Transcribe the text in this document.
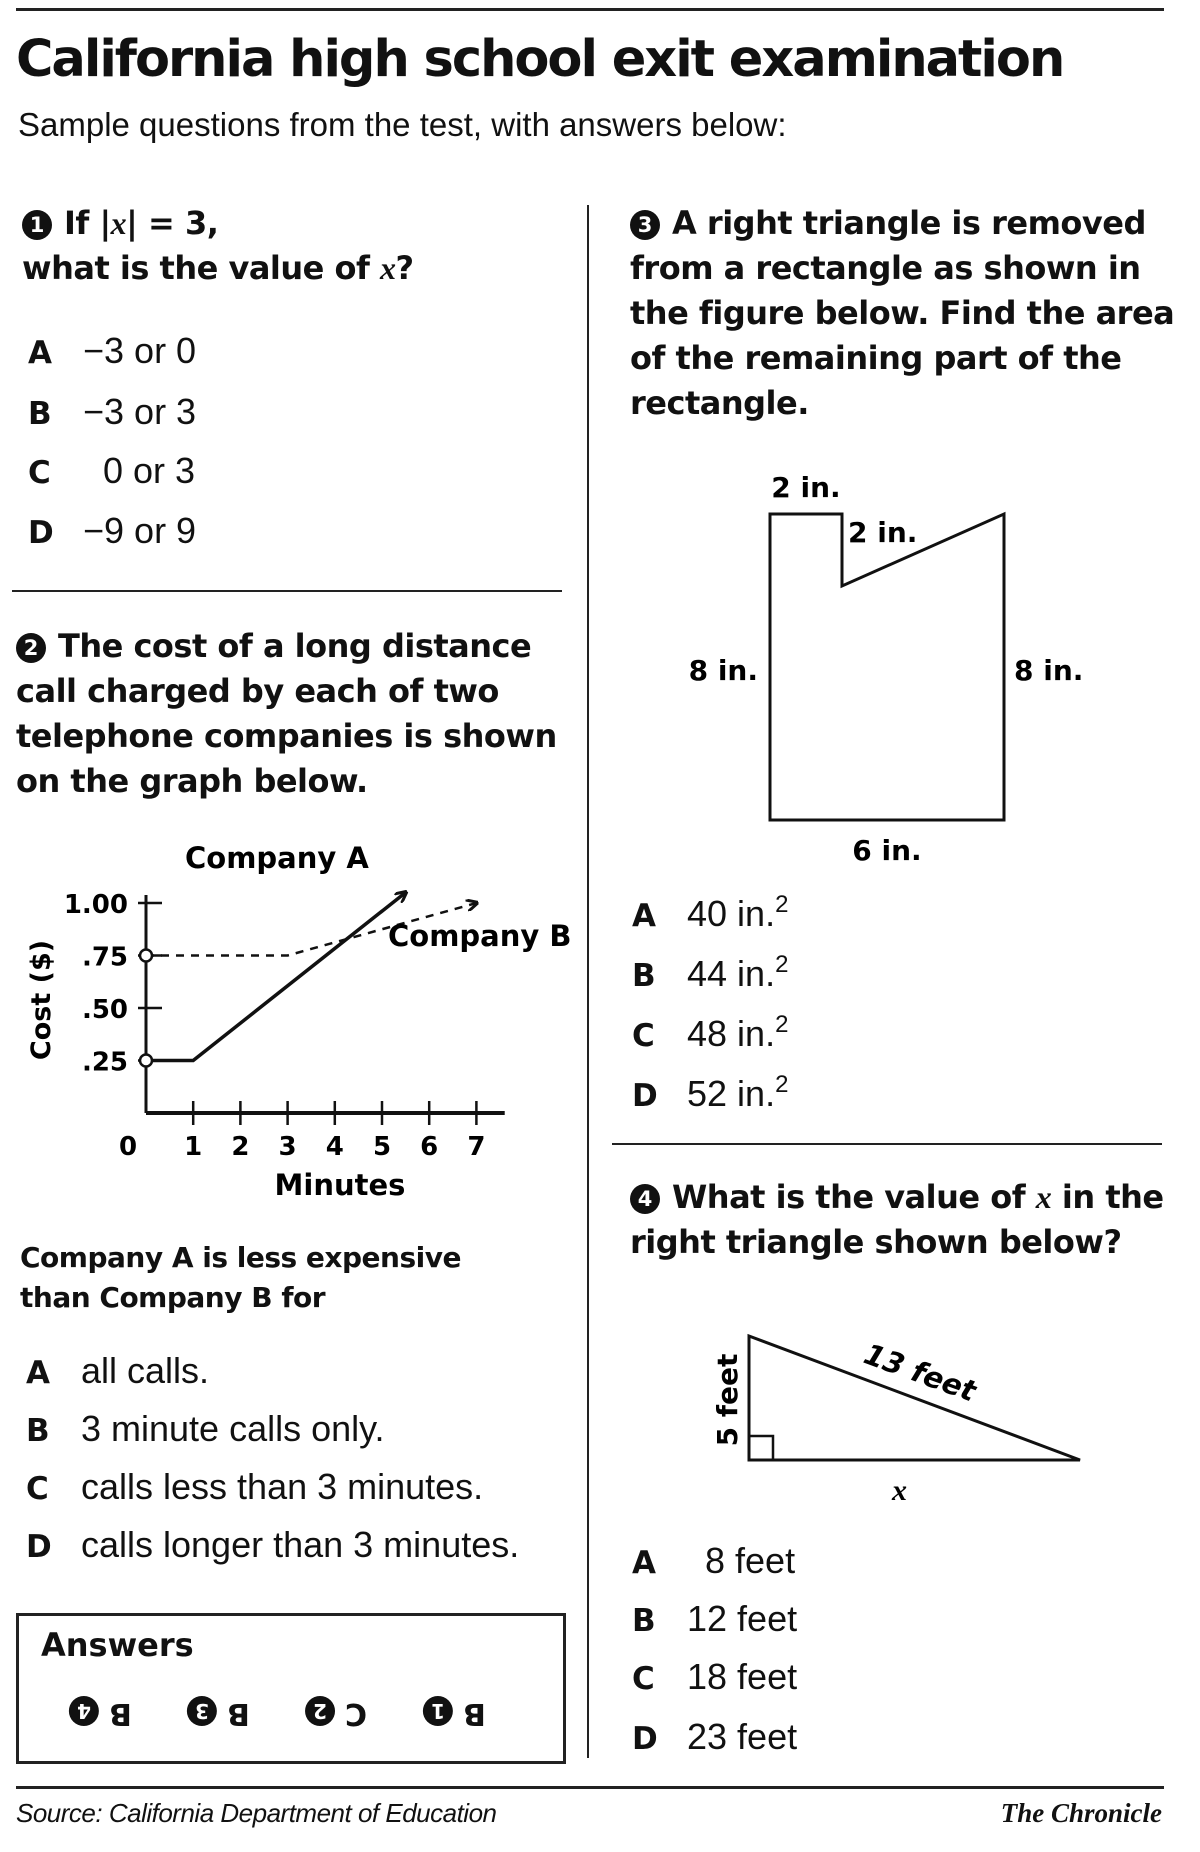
California high school exit examination
Sample questions from the test, with answers below:
1 If |x| = 3,
what is the value of x?
A −3 or 0
B −3 or 3
C 0 or 3
D −9 or 9
2 The cost of a long distance
call charged by each of two
telephone companies is shown
on the graph below.
1.00
.75
.50
.25
0 1 2 3 4 5 6 7
Company A
Company B
Minutes
Cost ($)
Company A is less expensive
than Company B for
A all calls.
B 3 minute calls only.
C calls less than 3 minutes.
D calls longer than 3 minutes.
Answers
B4	B3	C2	B1
3 A right triangle is removed
from a rectangle as shown in
the figure below. Find the area
of the remaining part of the
rectangle.
2 in.
2 in.
8 in.	8 in.
6 in.
A 40 in.$^2$
B 44 in.$^2$
C 48 in.$^2$
D 52 in.$^2$
4 What is the value of x in the
right triangle shown below?
13 feet
5 feet
x
A 8 feet
B 12 feet
C 18 feet
D 23 feet
Source: California Department of Education	The Chronicle
